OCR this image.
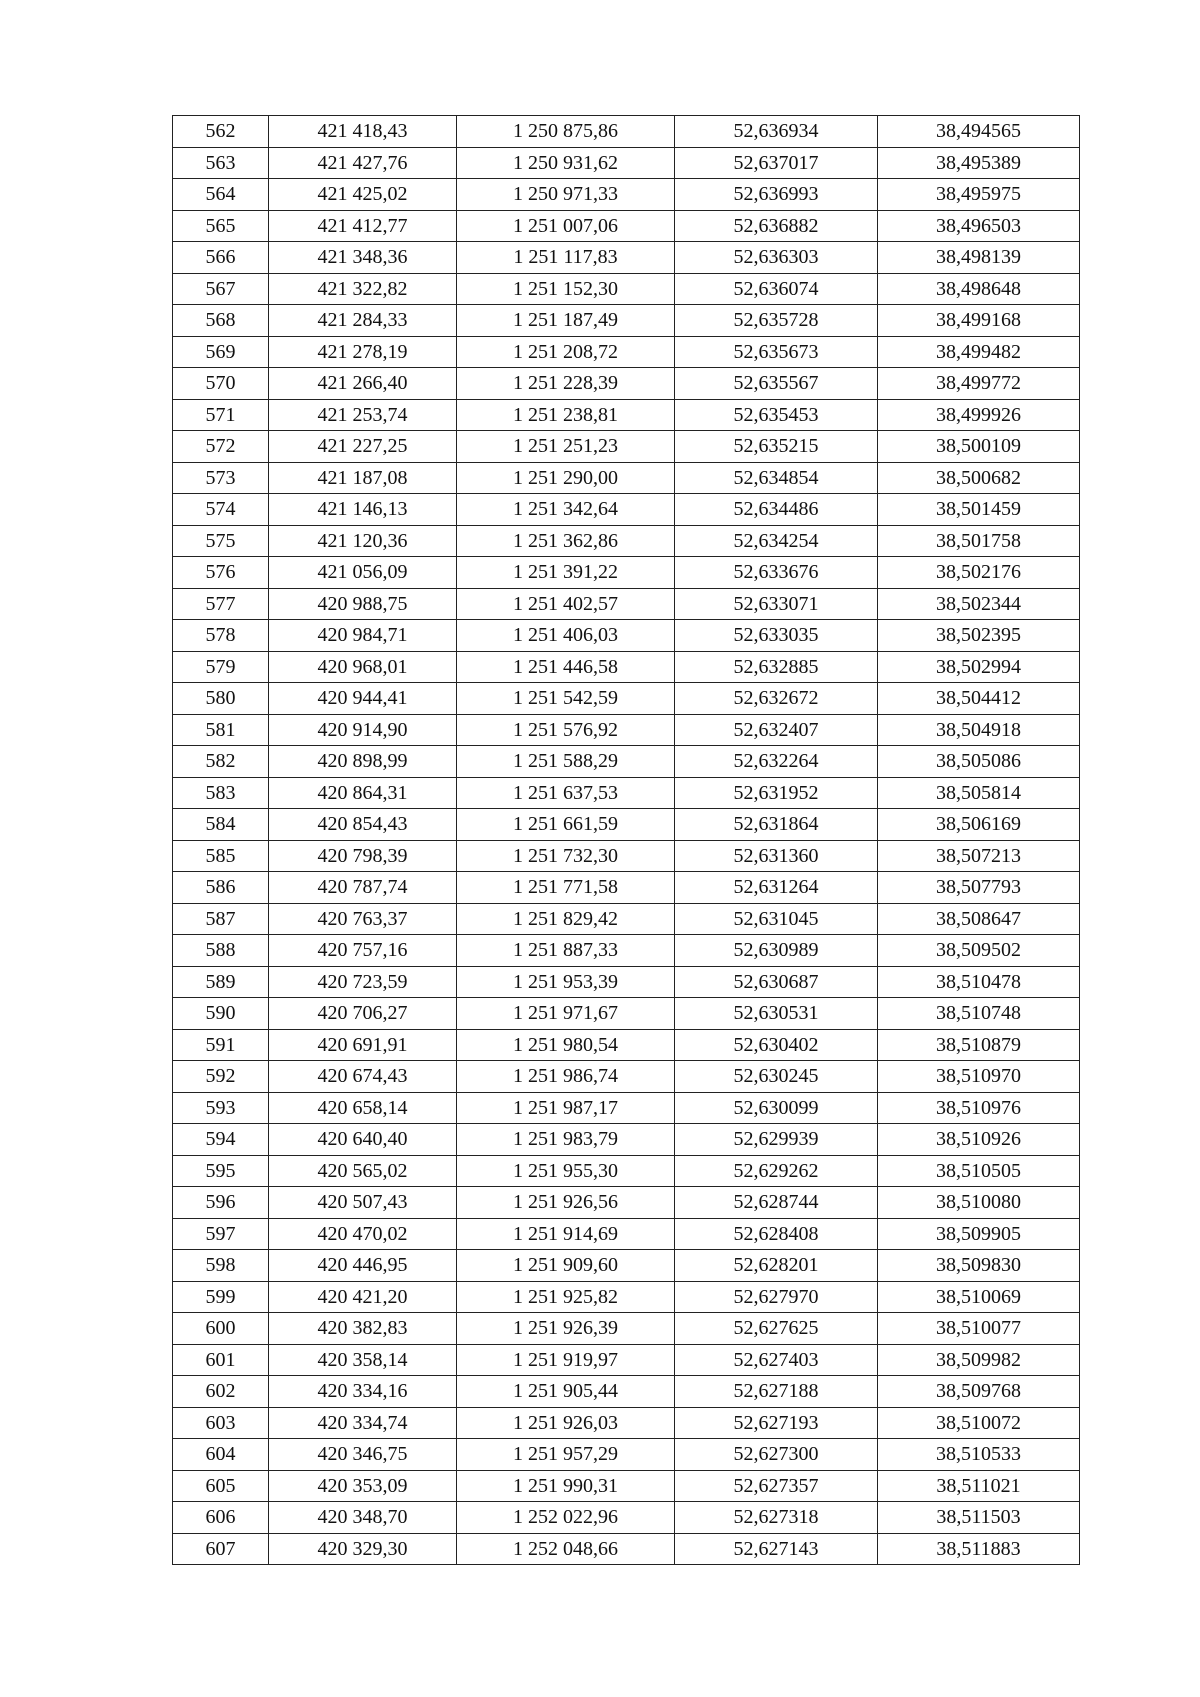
562	421 418,43	1 250 875,86	52,636934	38,494565
563	421 427,76	1 250 931,62	52,637017	38,495389
564	421 425,02	1 250 971,33	52,636993	38,495975
565	421 412,77	1 251 007,06	52,636882	38,496503
566	421 348,36	1 251 117,83	52,636303	38,498139
567	421 322,82	1 251 152,30	52,636074	38,498648
568	421 284,33	1 251 187,49	52,635728	38,499168
569	421 278,19	1 251 208,72	52,635673	38,499482
570	421 266,40	1 251 228,39	52,635567	38,499772
571	421 253,74	1 251 238,81	52,635453	38,499926
572	421 227,25	1 251 251,23	52,635215	38,500109
573	421 187,08	1 251 290,00	52,634854	38,500682
574	421 146,13	1 251 342,64	52,634486	38,501459
575	421 120,36	1 251 362,86	52,634254	38,501758
576	421 056,09	1 251 391,22	52,633676	38,502176
577	420 988,75	1 251 402,57	52,633071	38,502344
578	420 984,71	1 251 406,03	52,633035	38,502395
579	420 968,01	1 251 446,58	52,632885	38,502994
580	420 944,41	1 251 542,59	52,632672	38,504412
581	420 914,90	1 251 576,92	52,632407	38,504918
582	420 898,99	1 251 588,29	52,632264	38,505086
583	420 864,31	1 251 637,53	52,631952	38,505814
584	420 854,43	1 251 661,59	52,631864	38,506169
585	420 798,39	1 251 732,30	52,631360	38,507213
586	420 787,74	1 251 771,58	52,631264	38,507793
587	420 763,37	1 251 829,42	52,631045	38,508647
588	420 757,16	1 251 887,33	52,630989	38,509502
589	420 723,59	1 251 953,39	52,630687	38,510478
590	420 706,27	1 251 971,67	52,630531	38,510748
591	420 691,91	1 251 980,54	52,630402	38,510879
592	420 674,43	1 251 986,74	52,630245	38,510970
593	420 658,14	1 251 987,17	52,630099	38,510976
594	420 640,40	1 251 983,79	52,629939	38,510926
595	420 565,02	1 251 955,30	52,629262	38,510505
596	420 507,43	1 251 926,56	52,628744	38,510080
597	420 470,02	1 251 914,69	52,628408	38,509905
598	420 446,95	1 251 909,60	52,628201	38,509830
599	420 421,20	1 251 925,82	52,627970	38,510069
600	420 382,83	1 251 926,39	52,627625	38,510077
601	420 358,14	1 251 919,97	52,627403	38,509982
602	420 334,16	1 251 905,44	52,627188	38,509768
603	420 334,74	1 251 926,03	52,627193	38,510072
604	420 346,75	1 251 957,29	52,627300	38,510533
605	420 353,09	1 251 990,31	52,627357	38,511021
606	420 348,70	1 252 022,96	52,627318	38,511503
607	420 329,30	1 252 048,66	52,627143	38,511883
